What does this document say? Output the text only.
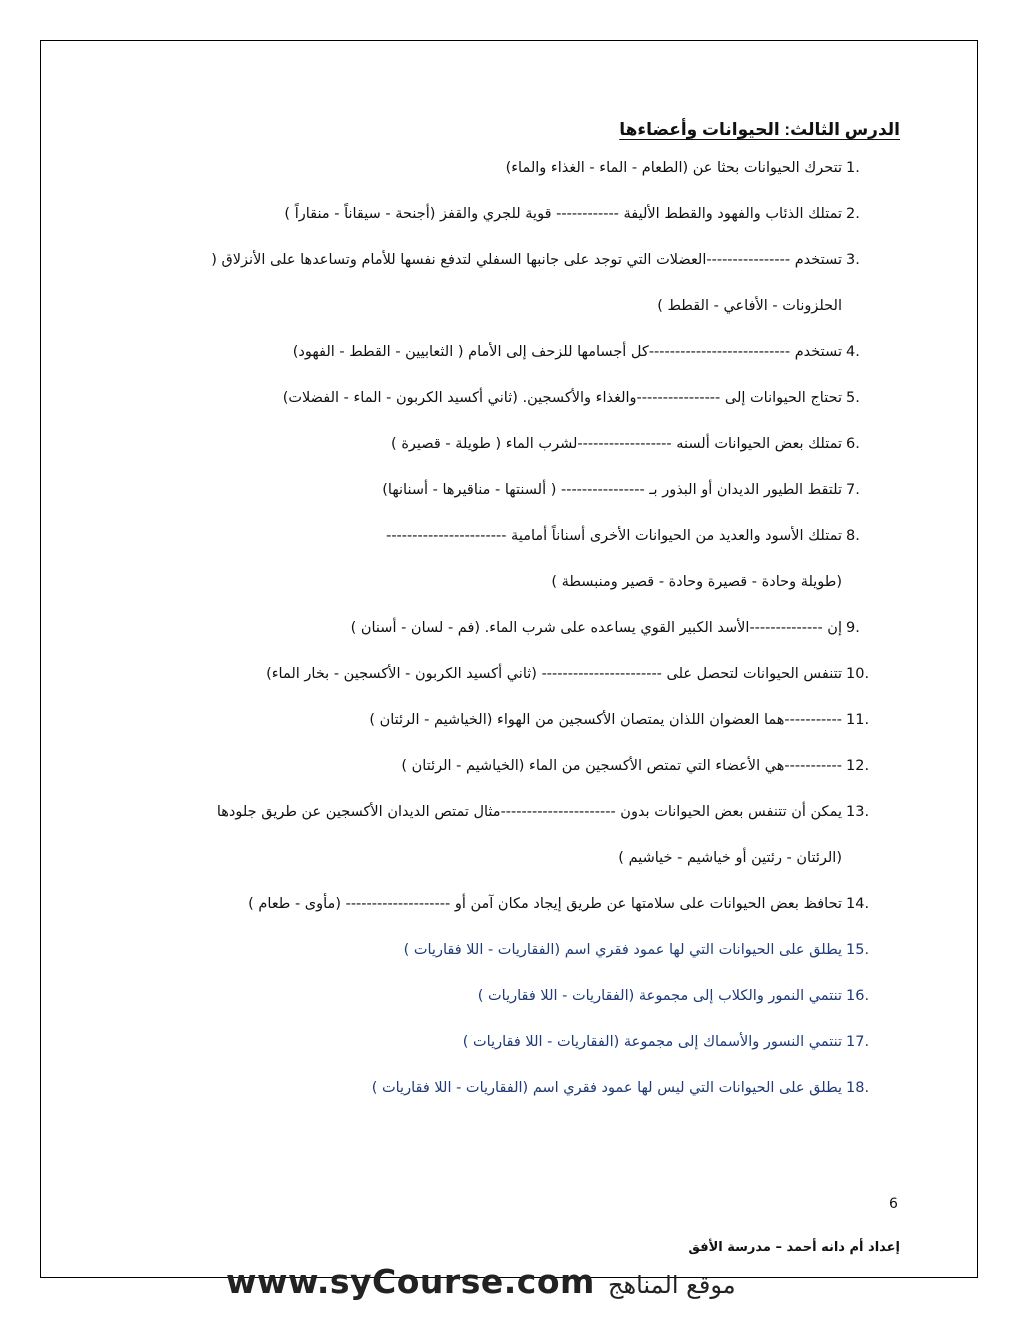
الدرس الثالث: الحيوانات وأعضاءها
1.
تتحرك الحيوانات بحثا عن (الطعام - الماء - الغذاء والماء)
2.
تمتلك الذئاب والفهود والقطط الأليفة ------------ قوية للجري والقفز (أجنحة - سيقاناً - منقاراً )
3.
تستخدم ----------------العضلات التي توجد على جانبها السفلي لتدفع نفسها للأمام وتساعدها على الأنزلاق (
الحلزونات - الأفاعي - القطط )
4.
تستخدم ---------------------------كل أجسامها للزحف إلى الأمام ( الثعابيين - القطط - الفهود)
5.
تحتاج الحيوانات إلى ----------------والغذاء والأكسجين. (ثاني أكسيد الكربون - الماء - الفضلات)
6.
تمتلك بعض الحيوانات ألسنه ------------------لشرب الماء ( طويلة - قصيرة )
7.
تلتقط الطيور الديدان أو البذور بـ ---------------- ( ألسنتها - مناقيرها - أسنانها)
8.
تمتلك الأسود والعديد من الحيوانات الأخرى أسناناً أمامية -----------------------
(طويلة وحادة - قصيرة وحادة - قصير ومنبسطة )
9.
إن --------------الأسد الكبير القوي يساعده على شرب الماء. (فم - لسان - أسنان )
10.
تتنفس الحيوانات لتحصل على ----------------------- (ثاني أكسيد الكربون - الأكسجين - بخار الماء)
11.
-----------هما العضوان اللذان يمتصان الأكسجين من الهواء (الخياشيم - الرئتان )
12.
-----------هي الأعضاء التي تمتص الأكسجين من الماء (الخياشيم - الرئتان )
13.
يمكن أن تتنفس بعض الحيوانات بدون ----------------------مثال تمتص الديدان الأكسجين عن طريق جلودها
(الرئتان - رئتين أو خياشيم - خياشيم )
14.
تحافظ بعض الحيوانات على سلامتها عن طريق إيجاد مكان آمن أو -------------------- (مأوى - طعام )
15.
يطلق على الحيوانات التي لها عمود فقري اسم (الفقاريات - اللا فقاريات )
16.
تنتمي النمور والكلاب إلى مجموعة (الفقاريات - اللا فقاريات )
17.
تنتمي النسور والأسماك إلى مجموعة (الفقاريات - اللا فقاريات )
18.
يطلق على الحيوانات التي ليس لها عمود فقري اسم (الفقاريات - اللا فقاريات )
6
إعداد أم دانه أحمد – مدرسة الأفق
www.syCourse.com موقع المناهج
